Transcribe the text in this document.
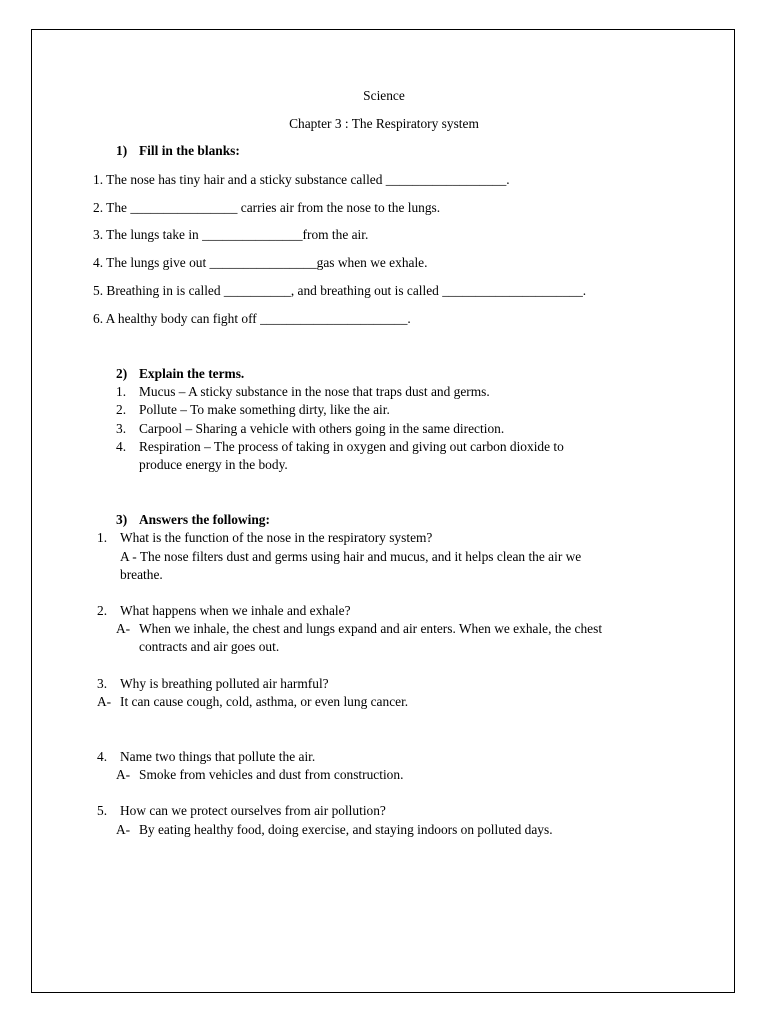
Science
Chapter 3 : The Respiratory system
1) Fill in the blanks:
1. The nose has tiny hair and a sticky substance called __________________.
2. The ________________ carries air from the nose to the lungs.
3. The lungs take in _______________from the air.
4. The lungs give out ________________gas when we exhale.
5. Breathing in is called __________, and breathing out is called _____________________.
6. A healthy body can fight off ______________________.
2) Explain the terms.
1. Mucus – A sticky substance in the nose that traps dust and germs.
2. Pollute – To make something dirty, like the air.
3. Carpool – Sharing a vehicle with others going in the same direction.
4. Respiration – The process of taking in oxygen and giving out carbon dioxide to
produce energy in the body.
3) Answers the following:
1. What is the function of the nose in the respiratory system?
A - The nose filters dust and germs using hair and mucus, and it helps clean the air we
breathe.
2. What happens when we inhale and exhale?
A- When we inhale, the chest and lungs expand and air enters. When we exhale, the chest
contracts and air goes out.
3. Why is breathing polluted air harmful?
A- It can cause cough, cold, asthma, or even lung cancer.
4. Name two things that pollute the air.
A- Smoke from vehicles and dust from construction.
5. How can we protect ourselves from air pollution?
A- By eating healthy food, doing exercise, and staying indoors on polluted days.
